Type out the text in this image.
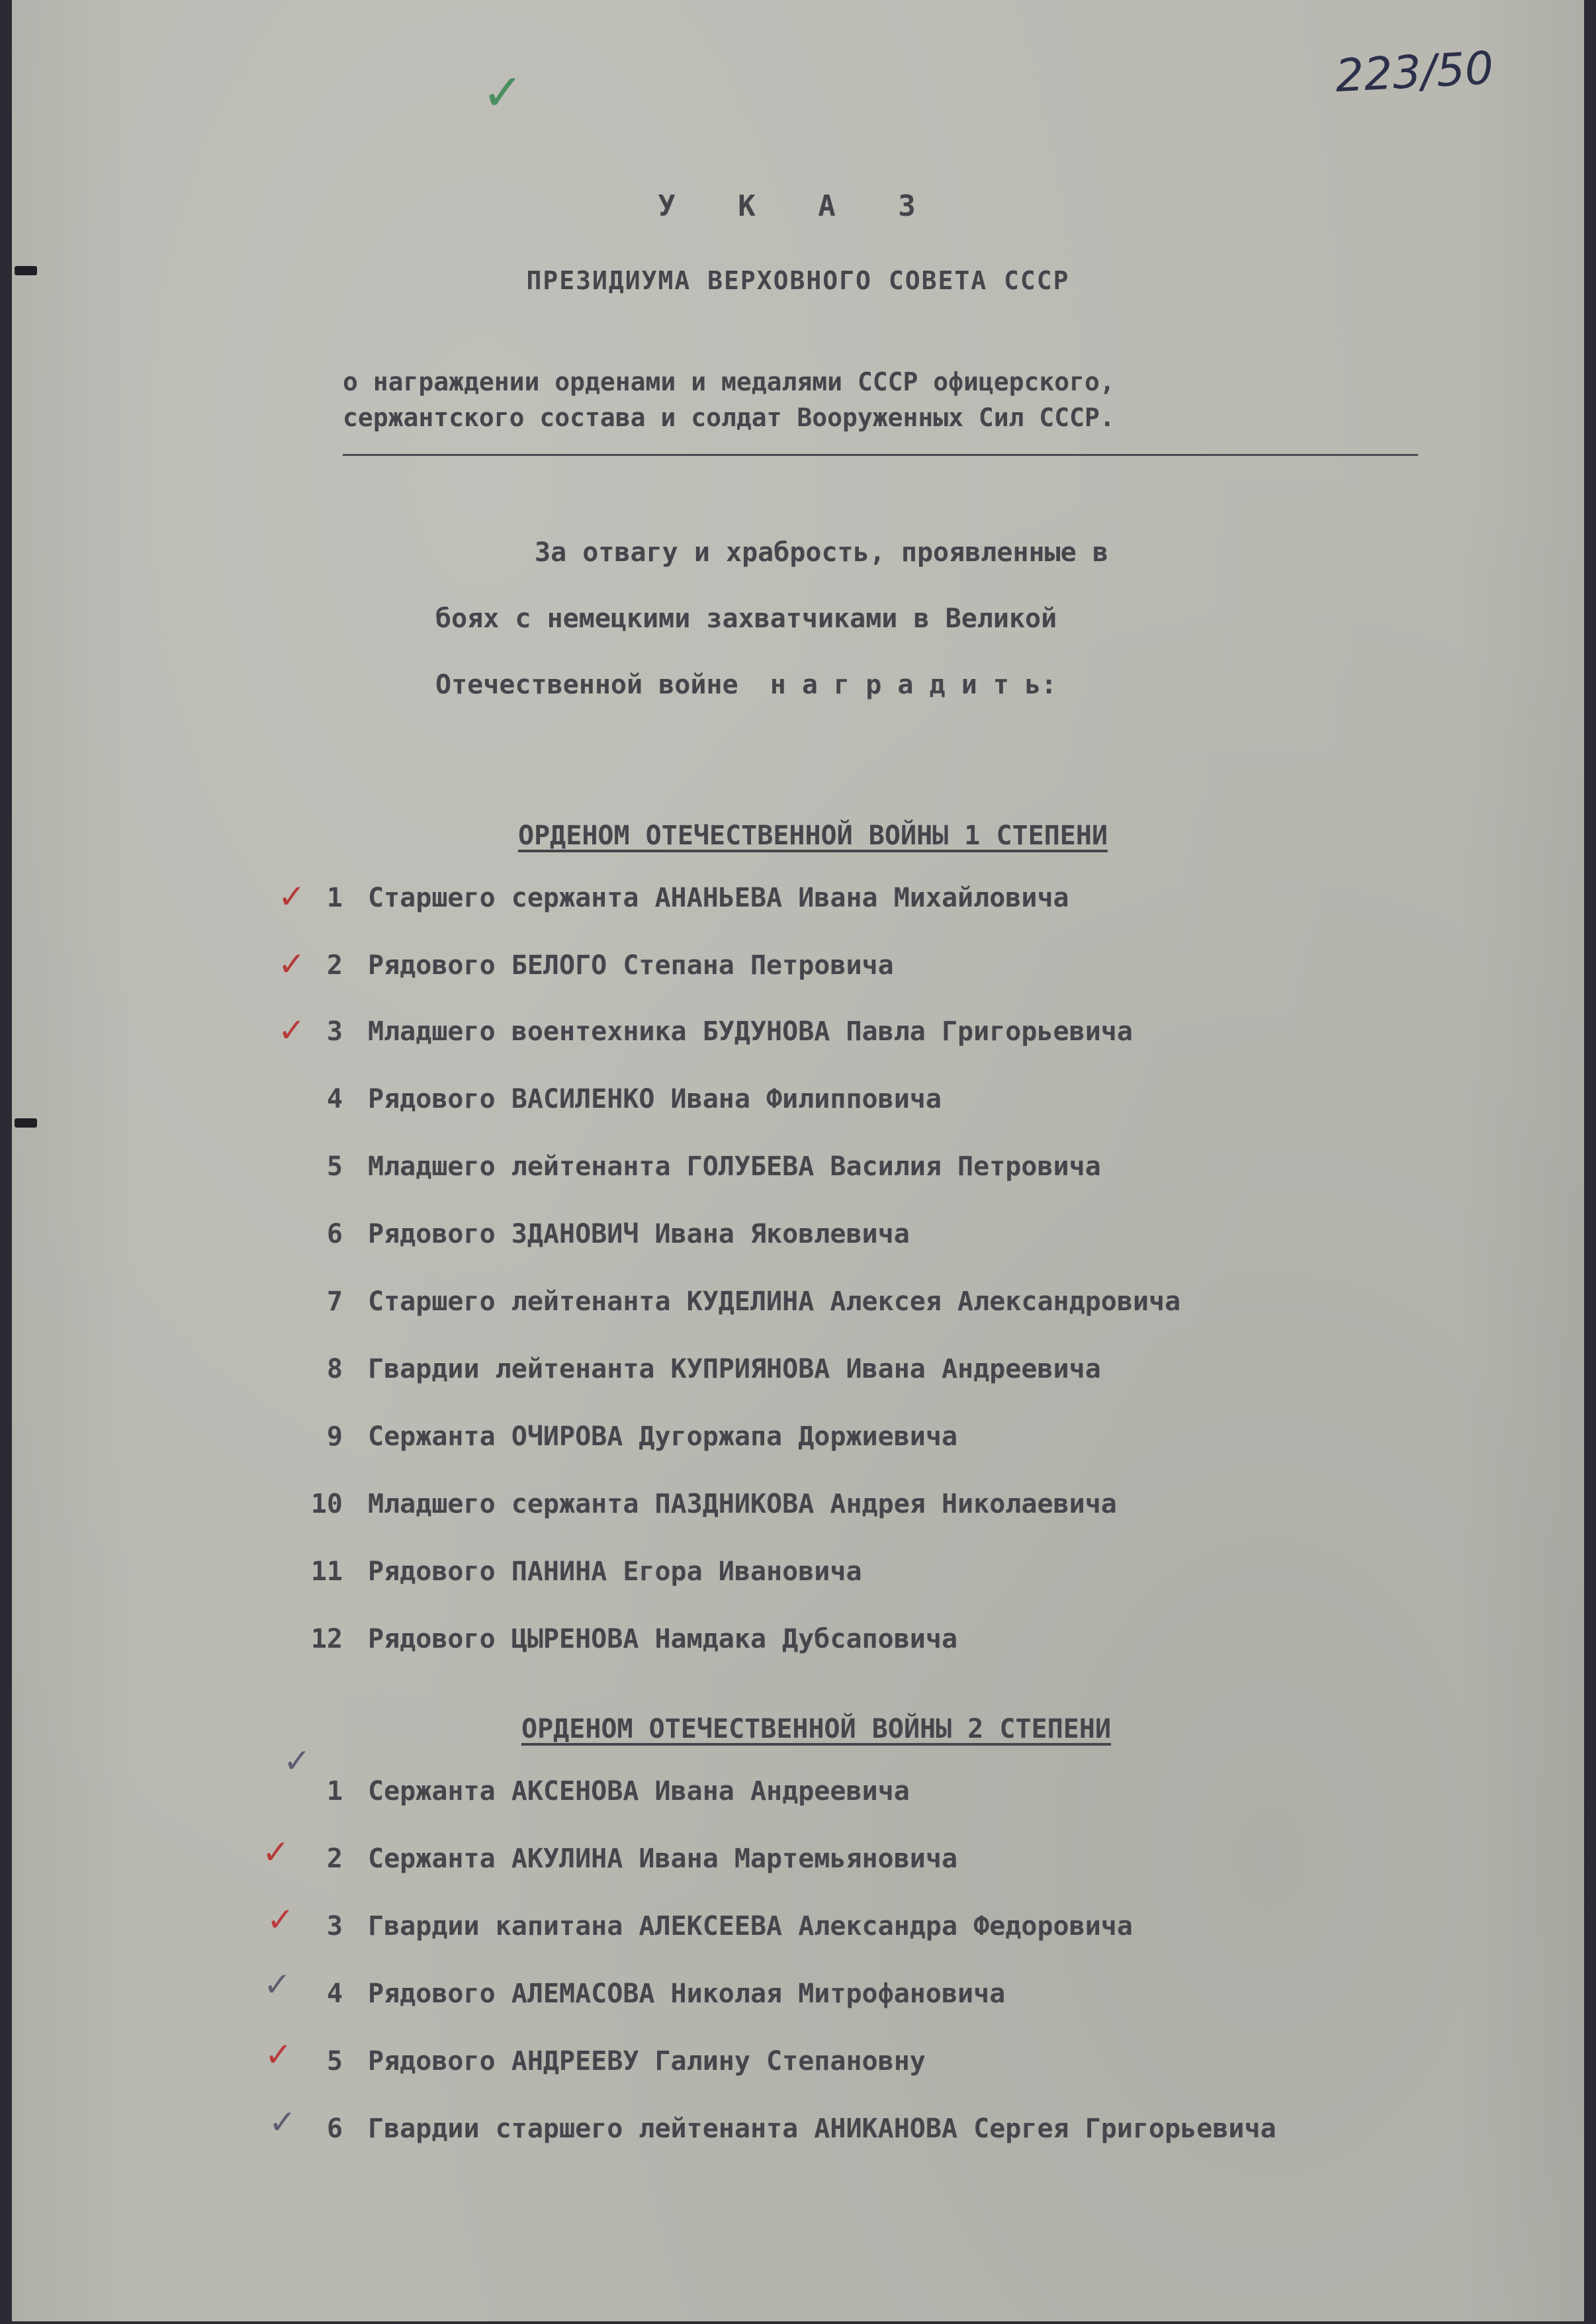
223/50
✓
У К А З
ПРЕЗИДИУМА ВЕРХОВНОГО СОВЕТА СССР
о награждении орденами и медалями СССР офицерского,
сержантского состава и солдат Вооруженных Сил СССР.
За отвагу и храбрость, проявленные в
боях с немецкими захватчиками в Великой
Отечественной войне  н а г р а д и т ь:
ОРДЕНОМ ОТЕЧЕСТВЕННОЙ ВОЙНЫ 1 СТЕПЕНИ
✓ 1 Старшего сержанта АНАНЬЕВА Ивана Михайловича
✓ 2 Рядового БЕЛОГО Степана Петровича
✓ 3 Младшего воентехника БУДУНОВА Павла Григорьевича
4 Рядового ВАСИЛЕНКО Ивана Филипповича
5 Младшего лейтенанта ГОЛУБЕВА Василия Петровича
6 Рядового ЗДАНОВИЧ Ивана Яковлевича
7 Старшего лейтенанта КУДЕЛИНА Алексея Александровича
8 Гвардии лейтенанта КУПРИЯНОВА Ивана Андреевича
9 Сержанта ОЧИРОВА Дугоржапа Доржиевича
10 Младшего сержанта ПАЗДНИКОВА Андрея Николаевича
11 Рядового ПАНИНА Егора Ивановича
12 Рядового ЦЫРЕНОВА Намдака Дубсаповича
ОРДЕНОМ ОТЕЧЕСТВЕННОЙ ВОЙНЫ 2 СТЕПЕНИ
✓
1 Сержанта АКСЕНОВА Ивана Андреевича
✓	2 Сержанта АКУЛИНА Ивана Мартемьяновича
✓	3 Гвардии капитана АЛЕКСЕЕВА Александра Федоровича
✓	4 Рядового АЛЕМАСОВА Николая Митрофановича
✓	5 Рядового АНДРЕЕВУ Галину Степановну
✓	6 Гвардии старшего лейтенанта АНИКАНОВА Сергея Григорьевича
